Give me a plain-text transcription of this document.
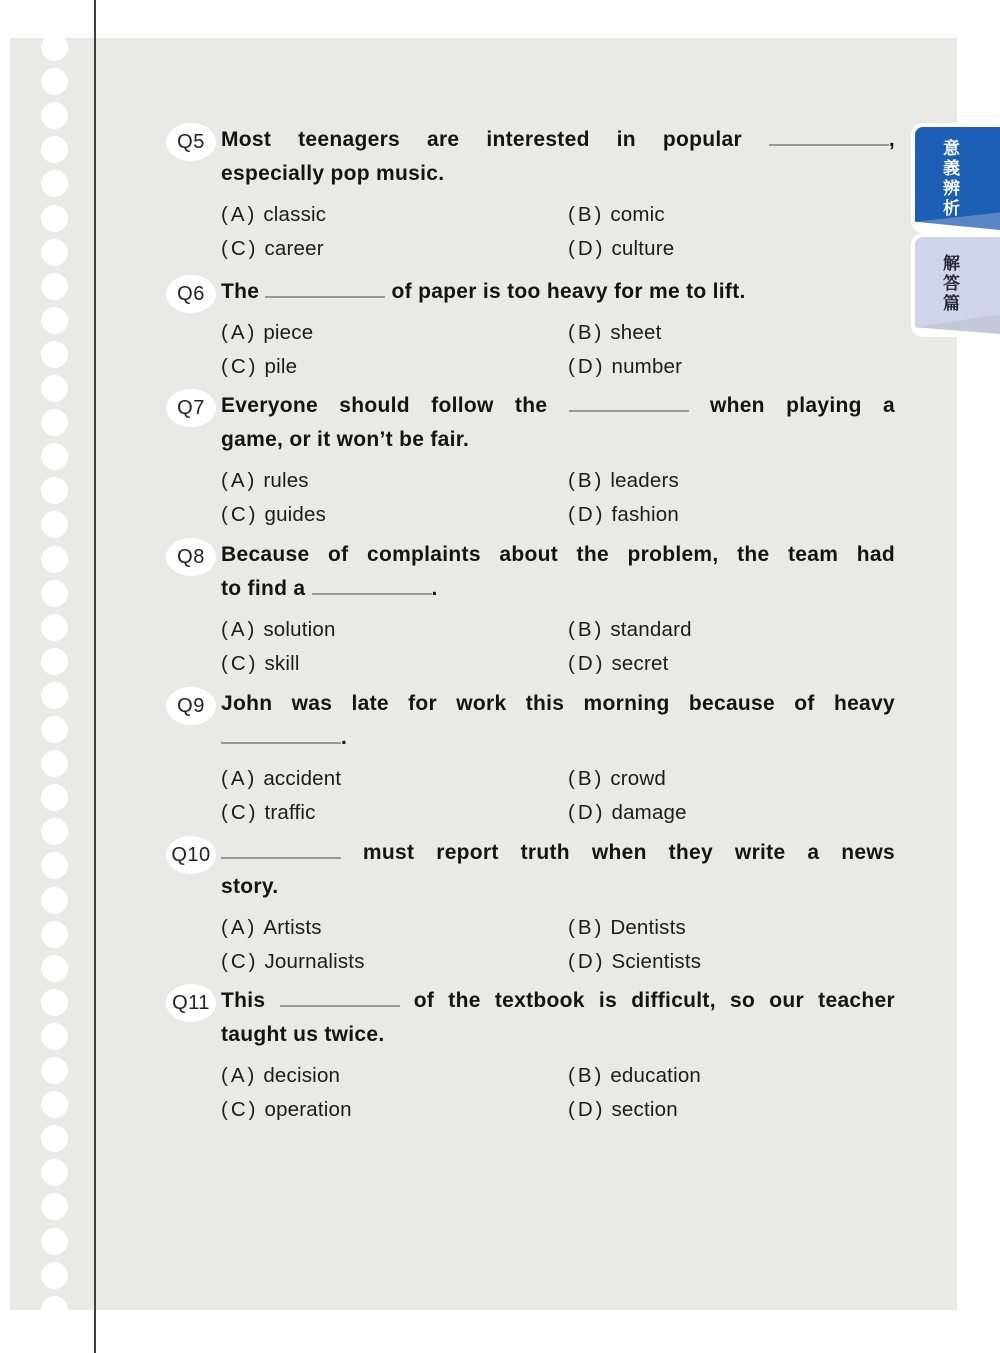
Q5 Most teenagers are interested in popular	,
especially pop music.
(A) classic	(B) comic
(C) career	(D) culture
Q6 The	of paper is too heavy for me to lift.
(A) piece	(B) sheet
(C) pile	(D) number
Q7 Everyone should follow the	when playing a
game, or it won’t be fair.
(A) rules	(B) leaders
(C) guides	(D) fashion
Q8 Because of complaints about the problem, the team had
to find a	.
(A) solution	(B) standard
(C) skill	(D) secret
Q9 John was late for work this morning because of heavy
.
(A) accident	(B) crowd
(C) traffic	(D) damage
Q10	must report truth when they write a news
story.
(A) Artists	(B) Dentists
(C) Journalists	(D) Scientists
Q11 This	of the textbook is difficult, so our teacher
taught us twice.
(A) decision	(B) education
(C) operation	(D) section
意義辨析
解答篇
